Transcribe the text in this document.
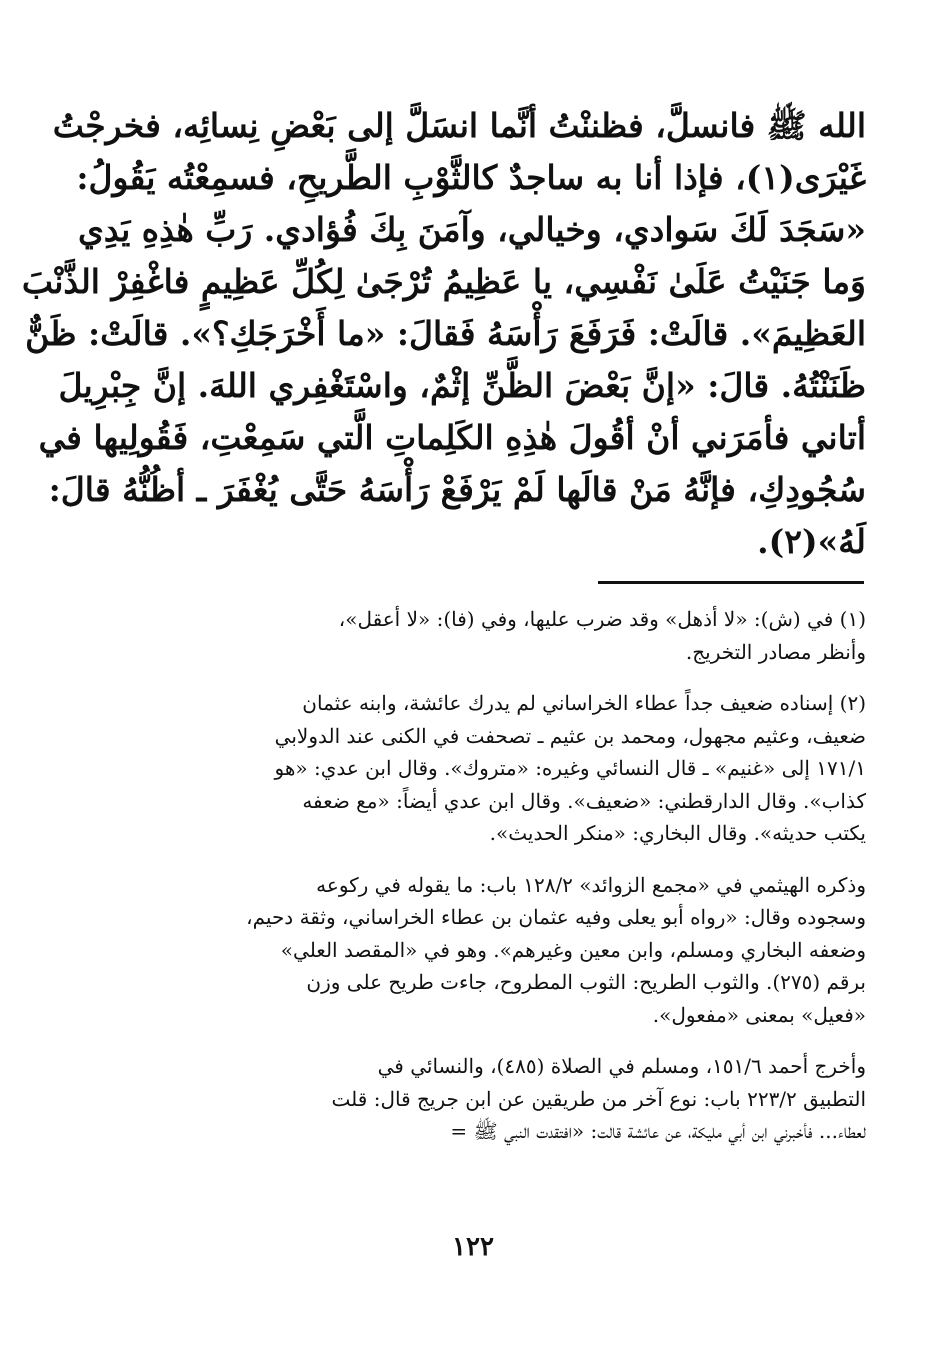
الله ﷺ فانسلَّ، فظننْتُ أنَّما انسَلَّ إلى بَعْضِ نِسائِه، فخرجْتُ
غَيْرَى(١)، فإذا أنا به ساجدٌ كالثَّوْبِ الطَّريحِ، فسمِعْتُه يَقُولُ:
«سَجَدَ لَكَ سَوادي، وخيالي، وآمَنَ بِكَ فُؤادي. رَبِّ هٰذِهِ يَدِي
وَما جَنَيْتُ عَلَىٰ نَفْسِي، يا عَظِيمُ تُرْجَىٰ لِكُلِّ عَظِيمٍ فاغْفِرْ الذَّنْبَ
العَظِيمَ». قالَتْ: فَرَفَعَ رَأْسَهُ فَقالَ: «ما أَخْرَجَكِ؟». قالَتْ: ظَنٌّ
ظَنَنْتُهُ. قالَ: «إنَّ بَعْضَ الظَّنِّ إثْمٌ، واسْتَغْفِري اللهَ. إنَّ جِبْرِيلَ
أتاني فأمَرَني أنْ أقُولَ هٰذِهِ الكَلِماتِ الَّتي سَمِعْتِ، فَقُولِيها في
سُجُودِكِ، فإنَّهُ مَنْ قالَها لَمْ يَرْفَعْ رَأْسَهُ حَتَّى يُغْفَرَ ـ أظُنُّهُ قالَ:
لَهُ»(٢).
(١) في (ش): «لا أذهل» وقد ضرب عليها، وفي (فا): «لا أعقل»،
وأنظر مصادر التخريج.
(٢) إسناده ضعيف جداً عطاء الخراساني لم يدرك عائشة، وابنه عثمان
ضعيف، وعثيم مجهول، ومحمد بن عثيم ـ تصحفت في الكنى عند الدولابي
١٧١/١ إلى «غنيم» ـ قال النسائي وغيره: «متروك». وقال ابن عدي: «هو
كذاب». وقال الدارقطني: «ضعيف». وقال ابن عدي أيضاً: «مع ضعفه
يكتب حديثه». وقال البخاري: «منكر الحديث».
وذكره الهيثمي في «مجمع الزوائد» ١٢٨/٢ باب: ما يقوله في ركوعه
وسجوده وقال: «رواه أبو يعلى وفيه عثمان بن عطاء الخراساني، وثقة دحيم،
وضعفه البخاري ومسلم، وابن معين وغيرهم». وهو في «المقصد العلي»
برقم (٢٧٥). والثوب الطريح: الثوب المطروح، جاءت طريح على وزن
«فعيل» بمعنى «مفعول».
وأخرج أحمد ١٥١/٦، ومسلم في الصلاة (٤٨٥)، والنسائي في
التطبيق ٢٢٣/٢ باب: نوع آخر من طريقين عن ابن جريج قال: قلت
لعطاء... فأخبرني ابن أبي مليكة، عن عائشة قالت: «افتقدت النبي ﷺ =
١٢٢
